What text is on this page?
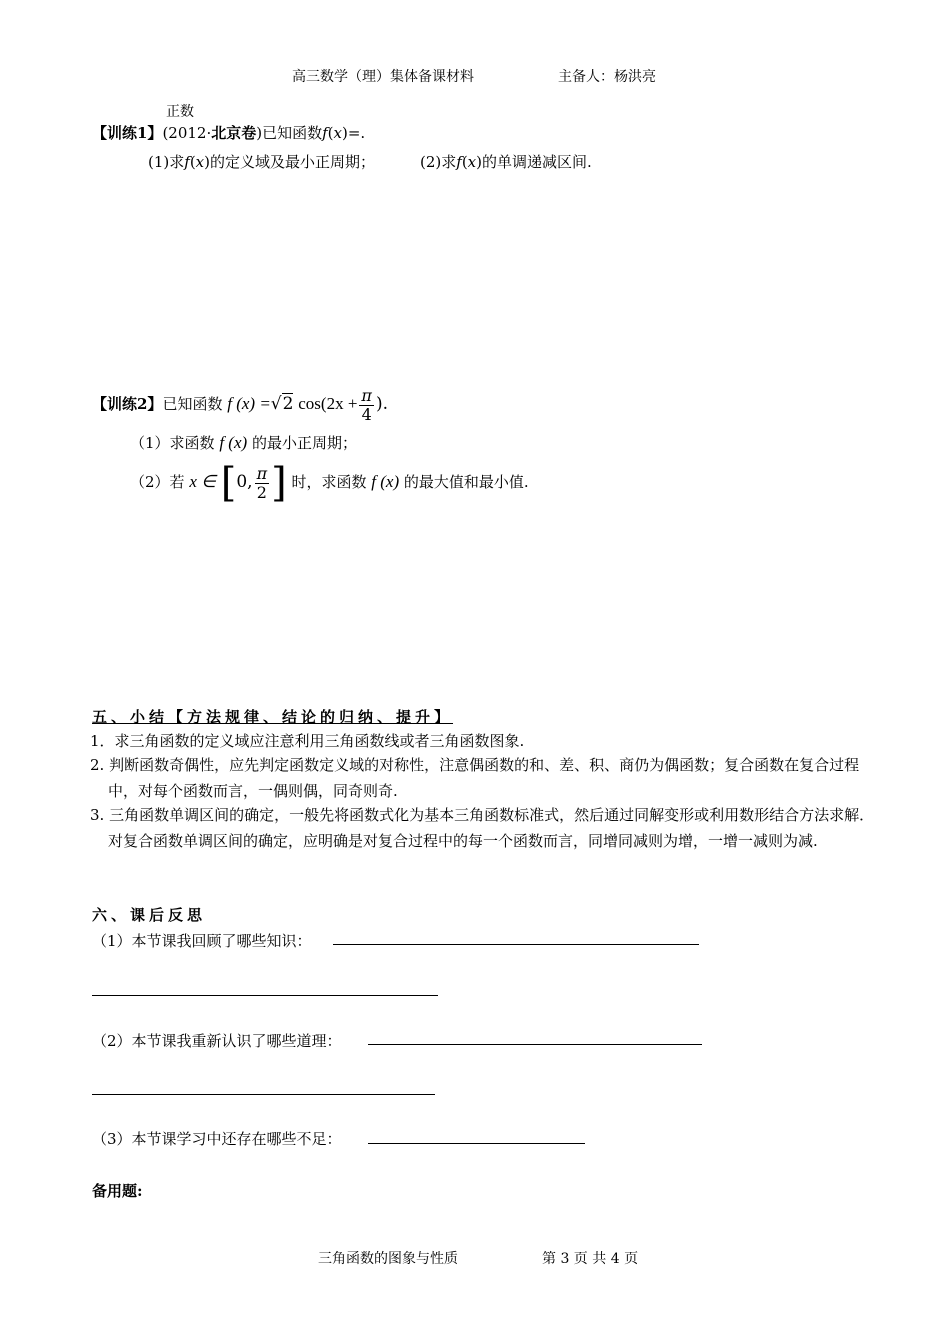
高三数学（理）集体备课材料	主备人：杨洪亮
正数
【训练1】(2012·北京卷)已知函数f(x)=.
(1)求f(x)的定义域及最小正周期；	(2)求f(x)的单调递减区间.
【训练2】已知函数 f (x) =√2 $\cos(2x + \frac{\pi}{4}$ ).
（1）求函数 f (x) 的最小正周期；
（2）若 x ∈ [0, $\frac{\pi}{2}$ ] 时，求函数 f (x) 的最大值和最小值.
五、小结【方法规律、结论的归纳、提升】
1．求三角函数的定义域应注意利用三角函数线或者三角函数图象.
2. 判断函数奇偶性，应先判定函数定义域的对称性，注意偶函数的和、差、积、商仍为偶函数；复合函数在复合过程中，对每个函数而言，一偶则偶，同奇则奇.
3. 三角函数单调区间的确定，一般先将函数式化为基本三角函数标准式，然后通过同解变形或利用数形结合方法求解．对复合函数单调区间的确定，应明确是对复合过程中的每一个函数而言，同增同减则为增，一增一减则为减.
六、课后反思
（1）本节课我回顾了哪些知识：
（2）本节课我重新认识了哪些道理：
（3）本节课学习中还存在哪些不足：
备用题:
三角函数的图象与性质	第 3 页 共 4 页
